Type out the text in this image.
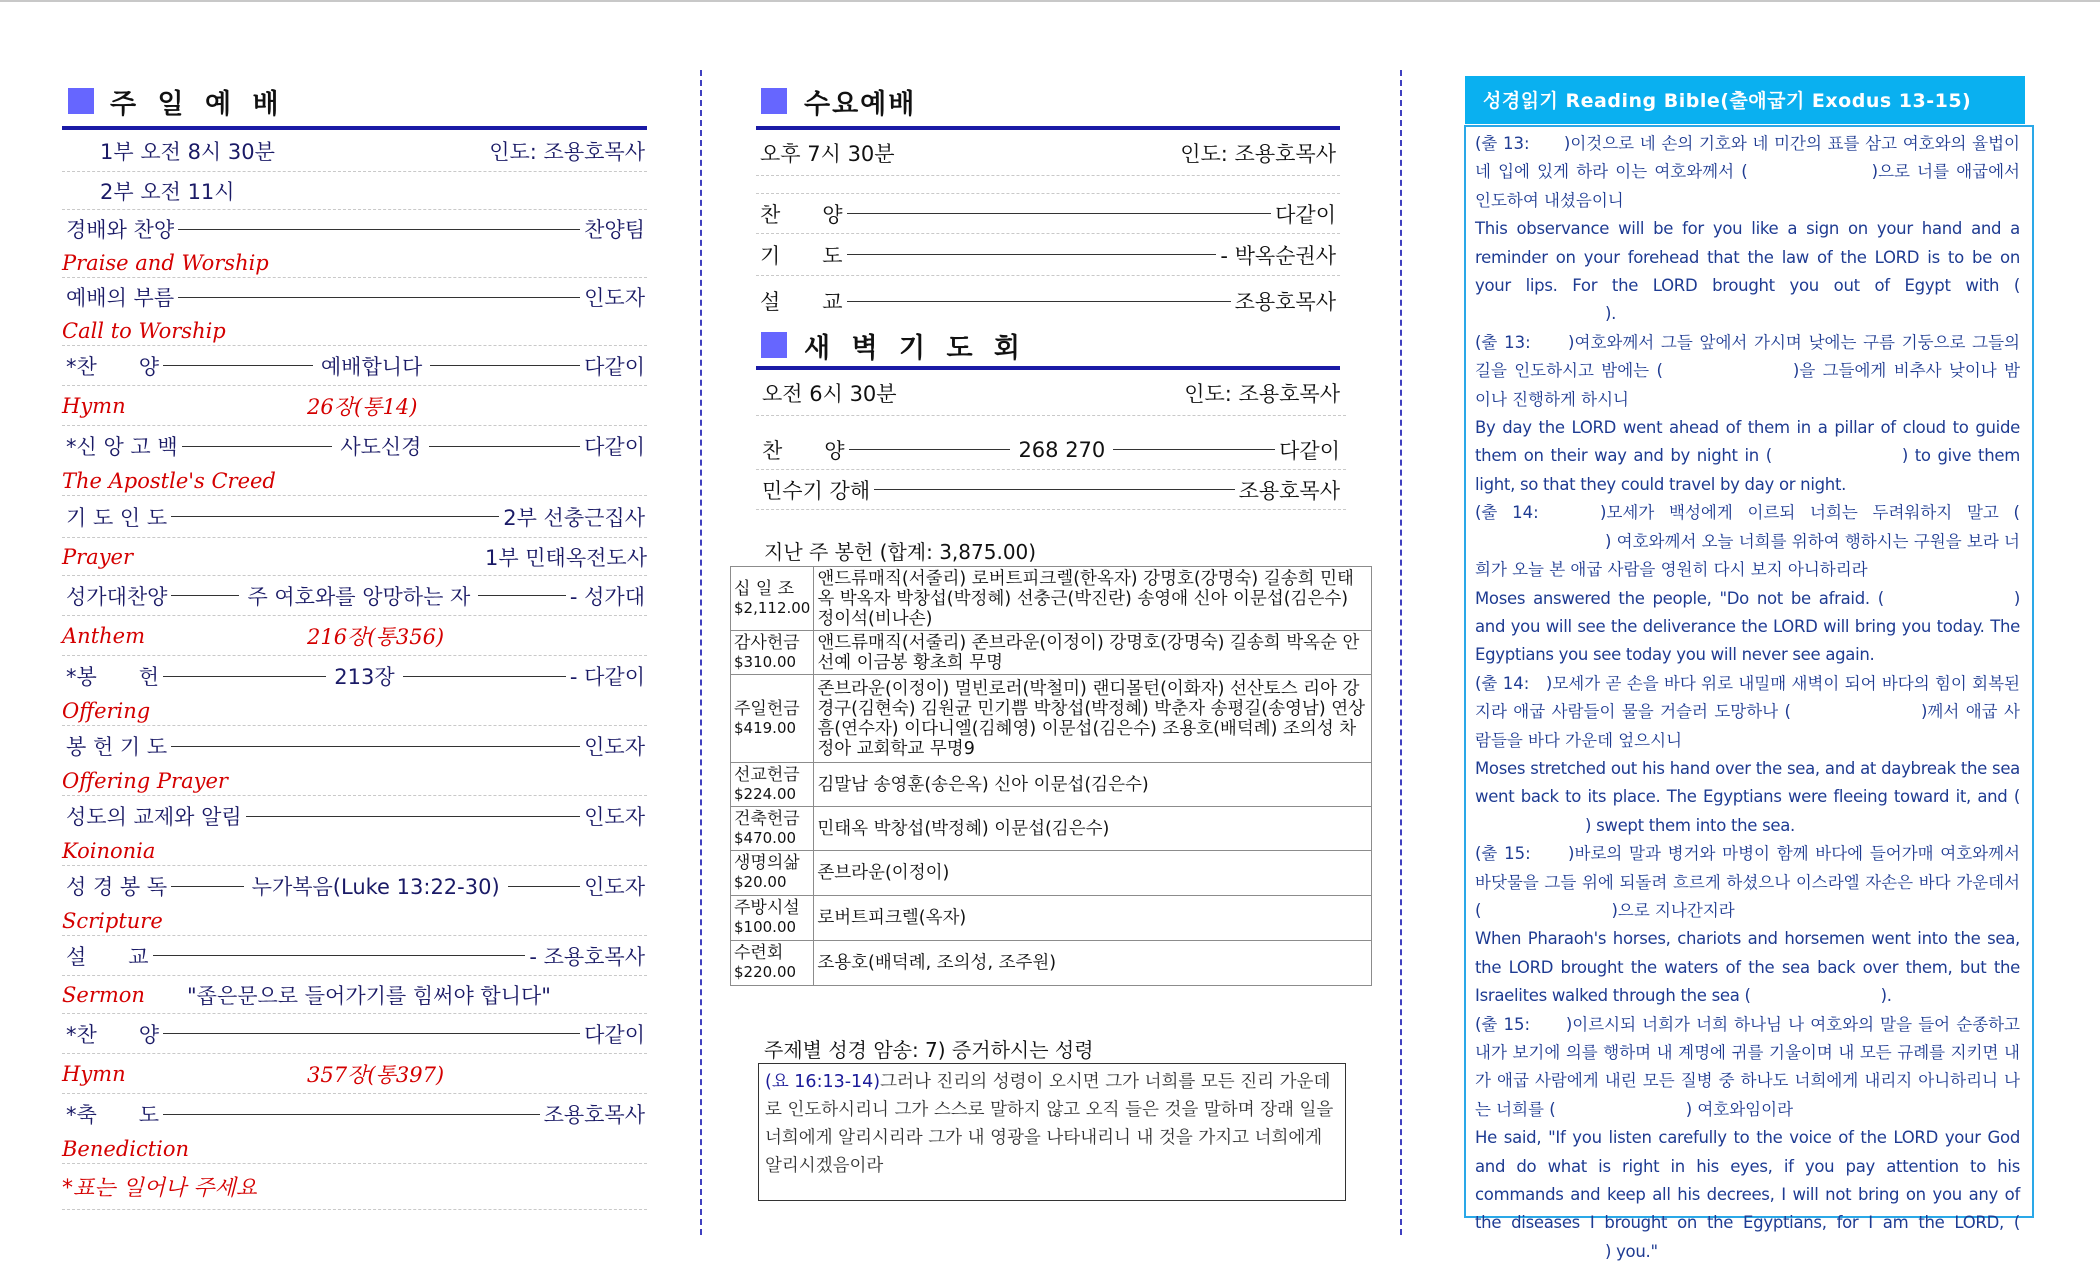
주 일 예 배
1부 오전 8시 30분	인도: 조용호목사
2부 오전 11시
경배와 찬양	찬양팀
Praise and Worship
예배의 부름	인도자
Call to Worship
*찬　　양	예배합니다	다같이
Hymn	26장(통14)
*신 앙 고 백	사도신경	다같이
The Apostle's Creed
기 도 인 도	2부 선충근집사
Prayer	1부 민태옥전도사
성가대찬양	주 여호와를 앙망하는 자	- 성가대
Anthem	216장(통356)
*봉　　헌	213장	- 다같이
Offering
봉 헌 기 도	인도자
Offering Prayer
성도의 교제와 알림	인도자
Koinonia
성 경 봉 독	누가복음(Luke 13:22-30)	인도자
Scripture
설　　교	- 조용호목사
Sermon "좁은문으로 들어가기를 힘써야 합니다"
*찬　　양	다같이
Hymn	357장(통397)
*축　　도	조용호목사
Benediction
*표는 일어나 주세요
수요예배
오후 7시 30분	인도: 조용호목사
찬　　양	다같이
기　　도	- 박옥순권사
설　　교	조용호목사
새 벽 기 도 회
오전 6시 30분	인도: 조용호목사
찬　　양	268 270	다같이
민수기 강해	조용호목사
지난 주 봉헌 (합계: 3,875.00)
십 일 조
$2,112.00	앤드류매직(서줄리) 로버트피크렐(한옥자) 강명호(강명숙) 길송희 민태옥 박옥자 박창섭(박정혜) 선충근(박진란) 송영애 신아 이문섭(김은수) 정이석(비나손)
감사헌금
$310.00	앤드류매직(서줄리) 존브라운(이정이) 강명호(강명숙) 길송희 박옥순 안선예 이금봉 황초희 무명
주일헌금
$419.00	존브라운(이정이) 멀빈로러(박철미) 랜디몰턴(이화자) 선산토스 리아 강경구(김현숙) 김원균 민기쁨 박창섭(박정혜) 박춘자 송평길(송영남) 연상흠(연수자) 이다니엘(김혜영) 이문섭(김은수) 조용호(배덕례) 조의성 차정아 교회학교 무명9
선교헌금
$224.00	김말남 송영훈(송은옥) 신아 이문섭(김은수)
건축헌금
$470.00	민태옥 박창섭(박정혜) 이문섭(김은수)
생명의삶
$20.00	존브라운(이정이)
주방시설
$100.00	로버트피크렐(옥자)
수련회
$220.00	조용호(배덕례, 조의성, 조주원)
주제별 성경 암송: 7) 증거하시는 성령
(요 16:13-14)그러나 진리의 성령이 오시면 그가 너희를 모든 진리 가운데로 인도하시리니 그가 스스로 말하지 않고 오직 들은 것을 말하며 장래 일을 너희에게 알리시리라 그가 내 영광을 나타내리니 내 것을 가지고 너희에게 알리시겠음이라
성경읽기 Reading Bible(출애굽기 Exodus 13-15)

(출 13:　　)이것으로 네 손의 기호와 네 미간의 표를 삼고 여호와의 율법이 네 입에 있게 하라 이는 여호와께서 (	)으로 너를 애굽에서 인도하여 내셨음이니

This observance will be for you like a sign on your hand and a reminder on your forehead that the law of the LORD is to be on your lips. For the LORD brought you out of Egypt with ().

(출 13:　　)여호와께서 그들 앞에서 가시며 낮에는 구름 기둥으로 그들의 길을 인도하시고 밤에는 (	)을 그들에게 비추사 낮이나 밤이나 진행하게 하시니

By day the LORD went ahead of them in a pillar of cloud to guide them on their way and by night in (	) to give them light, so that they could travel by day or night.

(출 14:　　)모세가 백성에게 이르되 너희는 두려워하지 말고 () 여호와께서 오늘 너희를 위하여 행하시는 구원을 보라 너희가 오늘 본 애굽 사람을 영원히 다시 보지 아니하리라

Moses answered the people, "Do not be afraid. (	) and you will see the deliverance the LORD will bring you today. The Egyptians you see today you will never see again.

(출 14:　)모세가 곧 손을 바다 위로 내밀매 새벽이 되어 바다의 힘이 회복된지라 애굽 사람들이 물을 거슬러 도망하나 (	)께서 애굽 사람들을 바다 가운데 엎으시니

Moses stretched out his hand over the sea, and at daybreak the sea went back to its place. The Egyptians were fleeing toward it, and () swept them into the sea.

(출 15:　　)바로의 말과 병거와 마병이 함께 바다에 들어가매 여호와께서 바닷물을 그들 위에 되돌려 흐르게 하셨으나 이스라엘 자손은 바다 가운데서 (	)으로 지나간지라

When Pharaoh's horses, chariots and horsemen went into the sea, the LORD brought the waters of the sea back over them, but the Israelites walked through the sea (	).

(출 15:　　)이르시되 너희가 너희 하나님 나 여호와의 말을 들어 순종하고 내가 보기에 의를 행하며 내 계명에 귀를 기울이며 내 모든 규례를 지키면 내가 애굽 사람에게 내린 모든 질병 중 하나도 너희에게 내리지 아니하리니 나는 너희를 (	) 여호와임이라

He said, "If you listen carefully to the voice of the LORD your God and do what is right in his eyes, if you pay attention to his commands and keep all his decrees, I will not bring on you any of the diseases I brought on the Egyptians, for I am the LORD, () you."
